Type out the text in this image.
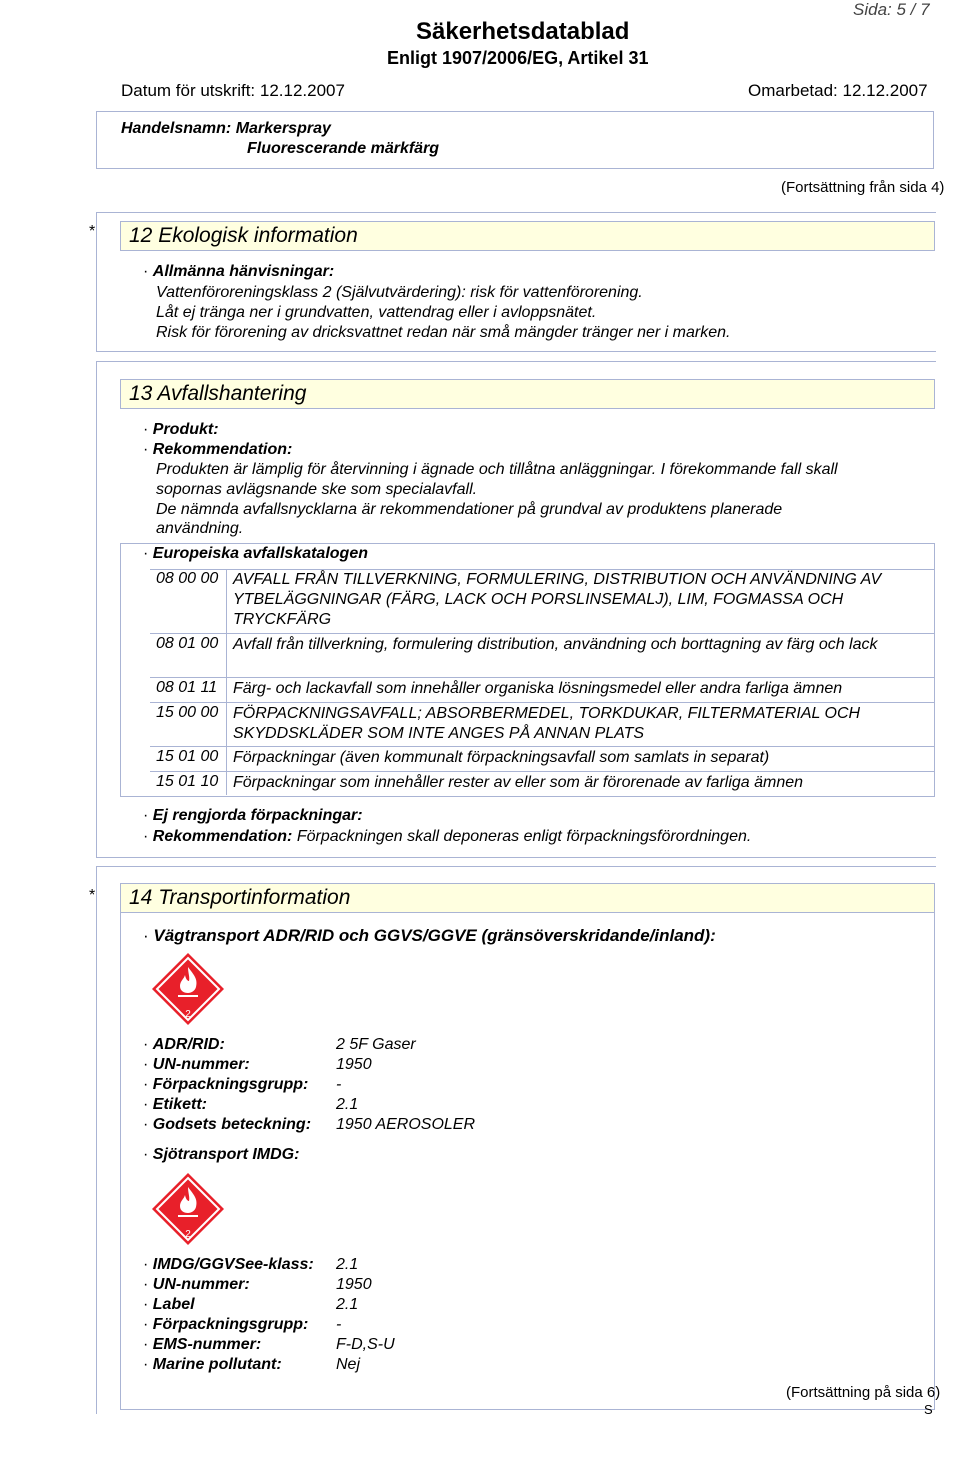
Sida: 5 / 7
Säkerhetsdatablad
Enligt 1907/2006/EG, Artikel 31
Datum för utskrift: 12.12.2007	Omarbetad: 12.12.2007
Handelsnamn: Markerspray
Fluorescerande märkfärg
(Fortsättning från sida 4)
*	12 Ekologisk information
· Allmänna hänvisningar:
Vattenföroreningsklass 2 (Självutvärdering): risk för vattenförorening.
Låt ej tränga ner i grundvatten, vattendrag eller i avloppsnätet.
Risk för förorening av dricksvattnet redan när små mängder tränger ner i marken.
13 Avfallshantering
· Produkt:
· Rekommendation:
Produkten är lämplig för återvinning i ägnade och tillåtna anläggningar. I förekommande fall skall
sopornas avlägsnande ske som specialavfall.
De nämnda avfallsnycklarna är rekommendationer på grundval av produktens planerade
användning.
· Europeiska avfallskatalogen
08 00 00 AVFALL FRÅN TILLVERKNING, FORMULERING, DISTRIBUTION OCH ANVÄNDNING AV YTBELÄGGNINGAR (FÄRG, LACK OCH PORSLINSEMALJ), LIM, FOGMASSA OCH TRYCKFÄRG
08 01 00 Avfall från tillverkning, formulering distribution, användning och borttagning av färg och lack
08 01 11 Färg- och lackavfall som innehåller organiska lösningsmedel eller andra farliga ämnen
15 00 00 FÖRPACKNINGSAVFALL; ABSORBERMEDEL, TORKDUKAR, FILTERMATERIAL OCH SKYDDSKLÄDER SOM INTE ANGES PÅ ANNAN PLATS
15 01 00 Förpackningar (även kommunalt förpackningsavfall som samlats in separat)
15 01 10 Förpackningar som innehåller rester av eller som är förorenade av farliga ämnen
· Ej rengjorda förpackningar:
· Rekommendation: Förpackningen skall deponeras enligt förpackningsförordningen.
*	14 Transportinformation
· Vägtransport ADR/RID och GGVS/GGVE (gränsöverskridande/inland):
2
· ADR/RID:	2 5F Gaser
· UN-nummer:	1950
· Förpackningsgrupp: -
· Etikett:	2.1
· Godsets beteckning: 1950 AEROSOLER
· Sjötransport IMDG:
2
· IMDG/GGVSee-klass: 2.1
· UN-nummer:	1950
· Label	2.1
· Förpackningsgrupp: -
· EMS-nummer:	F-D,S-U
· Marine pollutant:	Nej
(Fortsättning på sida 6)
S
